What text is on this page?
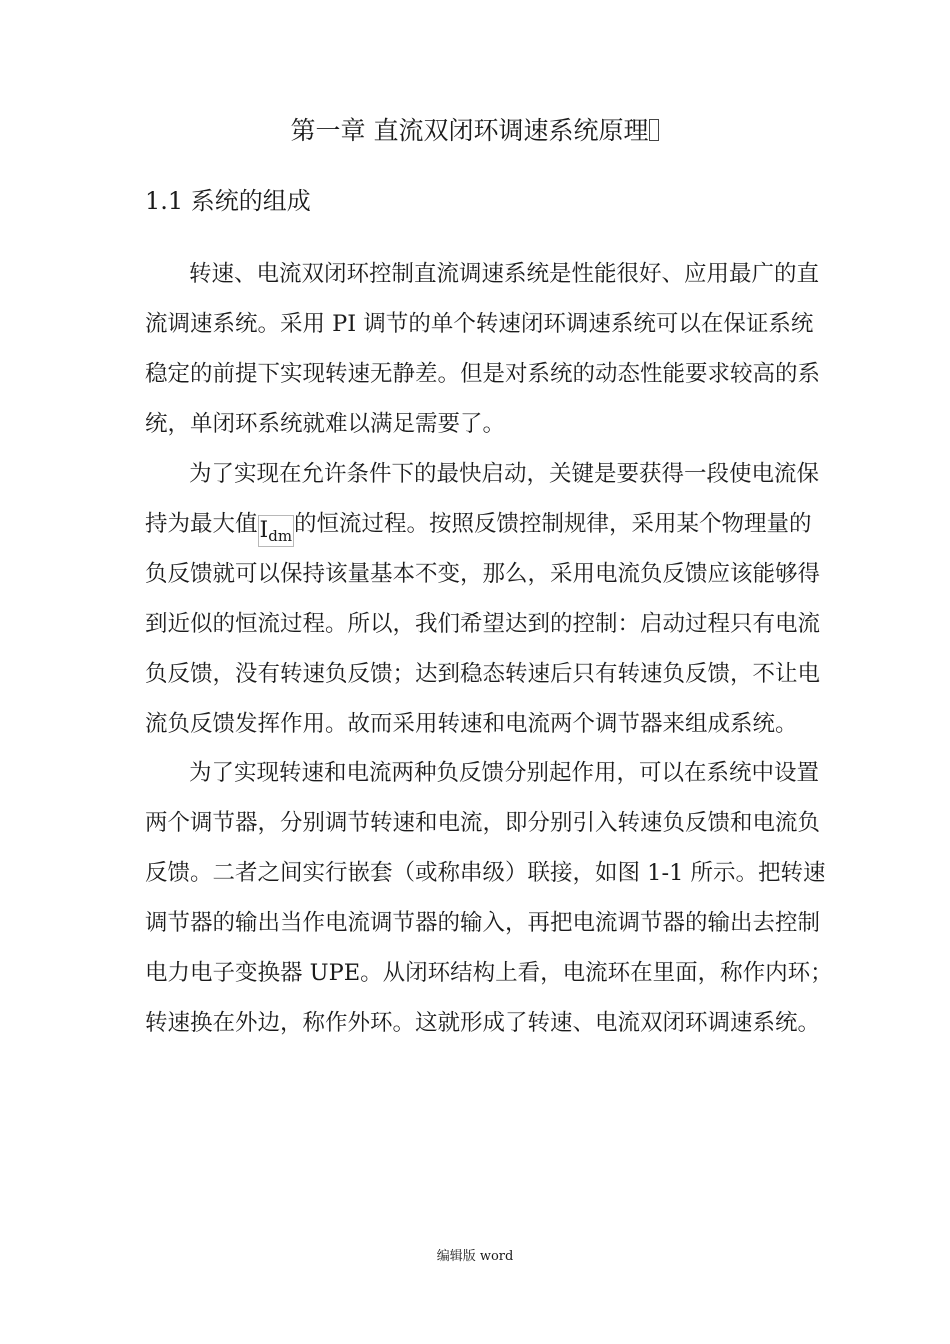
第一章 直流双闭环调速系统原理
1.1 系统的组成
转速、电流双闭环控制直流调速系统是性能很好、应用最广的直
流调速系统。采用 PI 调节的单个转速闭环调速系统可以在保证系统
稳定的前提下实现转速无静差。但是对系统的动态性能要求较高的系
统，单闭环系统就难以满足需要了。
为了实现在允许条件下的最快启动，关键是要获得一段使电流保
持为最大值$I_{dm}$的恒流过程。按照反馈控制规律，采用某个物理量的
负反馈就可以保持该量基本不变，那么，采用电流负反馈应该能够得
到近似的恒流过程。所以，我们希望达到的控制：启动过程只有电流
负反馈，没有转速负反馈；达到稳态转速后只有转速负反馈，不让电
流负反馈发挥作用。故而采用转速和电流两个调节器来组成系统。
为了实现转速和电流两种负反馈分别起作用，可以在系统中设置
两个调节器，分别调节转速和电流，即分别引入转速负反馈和电流负
反馈。二者之间实行嵌套（或称串级）联接，如图 1-1 所示。把转速
调节器的输出当作电流调节器的输入，再把电流调节器的输出去控制
电力电子变换器 UPE。从闭环结构上看，电流环在里面，称作内环；
转速换在外边，称作外环。这就形成了转速、电流双闭环调速系统。
编辑版 word
